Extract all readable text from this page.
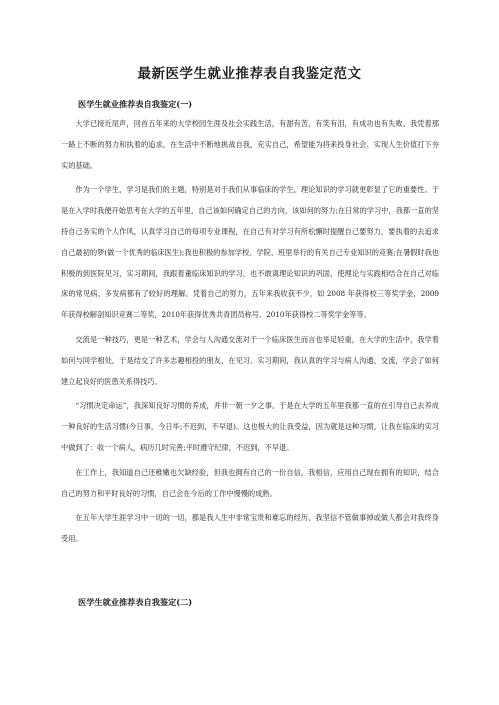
最新医学生就业推荐表自我鉴定范文
医学生就业推荐表自我鉴定(一)

大学已接近尾声，回首五年来的大学校园生涯及社会实践生活，有甜有苦，有笑有泪，有成功也有失败。我凭着那一路上不断的努力和执着的追求，在生活中不断地挑战自我，充实自己，希望能为将来投身社会、实现人生价值打下夯实的基础。

作为一个学生，学习是我们的主题，特别是对于我们从事临床的学生，理论知识的学习就更彰显了它的重要性。于是在入学时我便开始思考在大学的五年里，自己该如何确定自己的方向，该如何的努力;在日常的学习中，我都一直的坚持自己务实的个人作风，认真学习自己的每项专业课程，在自己有对学习有所松懈时提醒自己要努力，要执着的去追求自己最初的梦(做一个优秀的临床医生);我也积极的参加学校、学院、班里举行的有关自己专业知识的竞赛;在暑假时我也积极的到医院见习，实习期间，我跟着董临床知识的学习，也不敢离理论知识的巩固，使理论与实践相结合在自己对临床的常见病、多发病都有了较好的理解。凭着自己的努力，五年来我收获不少，如 2008 年获得校三等奖学金，2009 年获得校解剖知识竞赛二等奖，2010年获得优秀共青团员称号、2010年获得校二等奖学金等等。

交流是一种技巧，更是一种艺术，学会与人沟通交流对于一个临床医生而言也举足轻重，在大学的生活中，我学着如何与同学相处，于是结交了许多志趣相投的朋友，在见习、实习期间，我认真的学习与病人沟通、交流，学会了如何建立起良好的医患关系得技巧。

“习惯决定命运”，我深知良好习惯的养成，并非一朝一夕之事。于是在大学的五年里我都一直的在引导自己去养成一种良好的生活习惯(今日事，今日毕;不迟到，不早退)。这也极大的让我受益，因为就是这种习惯，让我在临床的实习中做到了：收一个病人，病历几时完善;平时遵守纪律，不迟到，不早退。

在工作上，我知道自己还稚嫩也欠缺经验，但我也拥有自己的一份自信，我相信，应用自己现在拥有的知识，结合自己的努力和平时良好的习惯，自己会在今后的工作中慢慢的成熟。

在五年大学生涯学习中一切的一切，都是我人生中非常宝贵和难忘的经历，我坚信不管做事掉或做人都会对我终身受用。

医学生就业推荐表自我鉴定(二)
